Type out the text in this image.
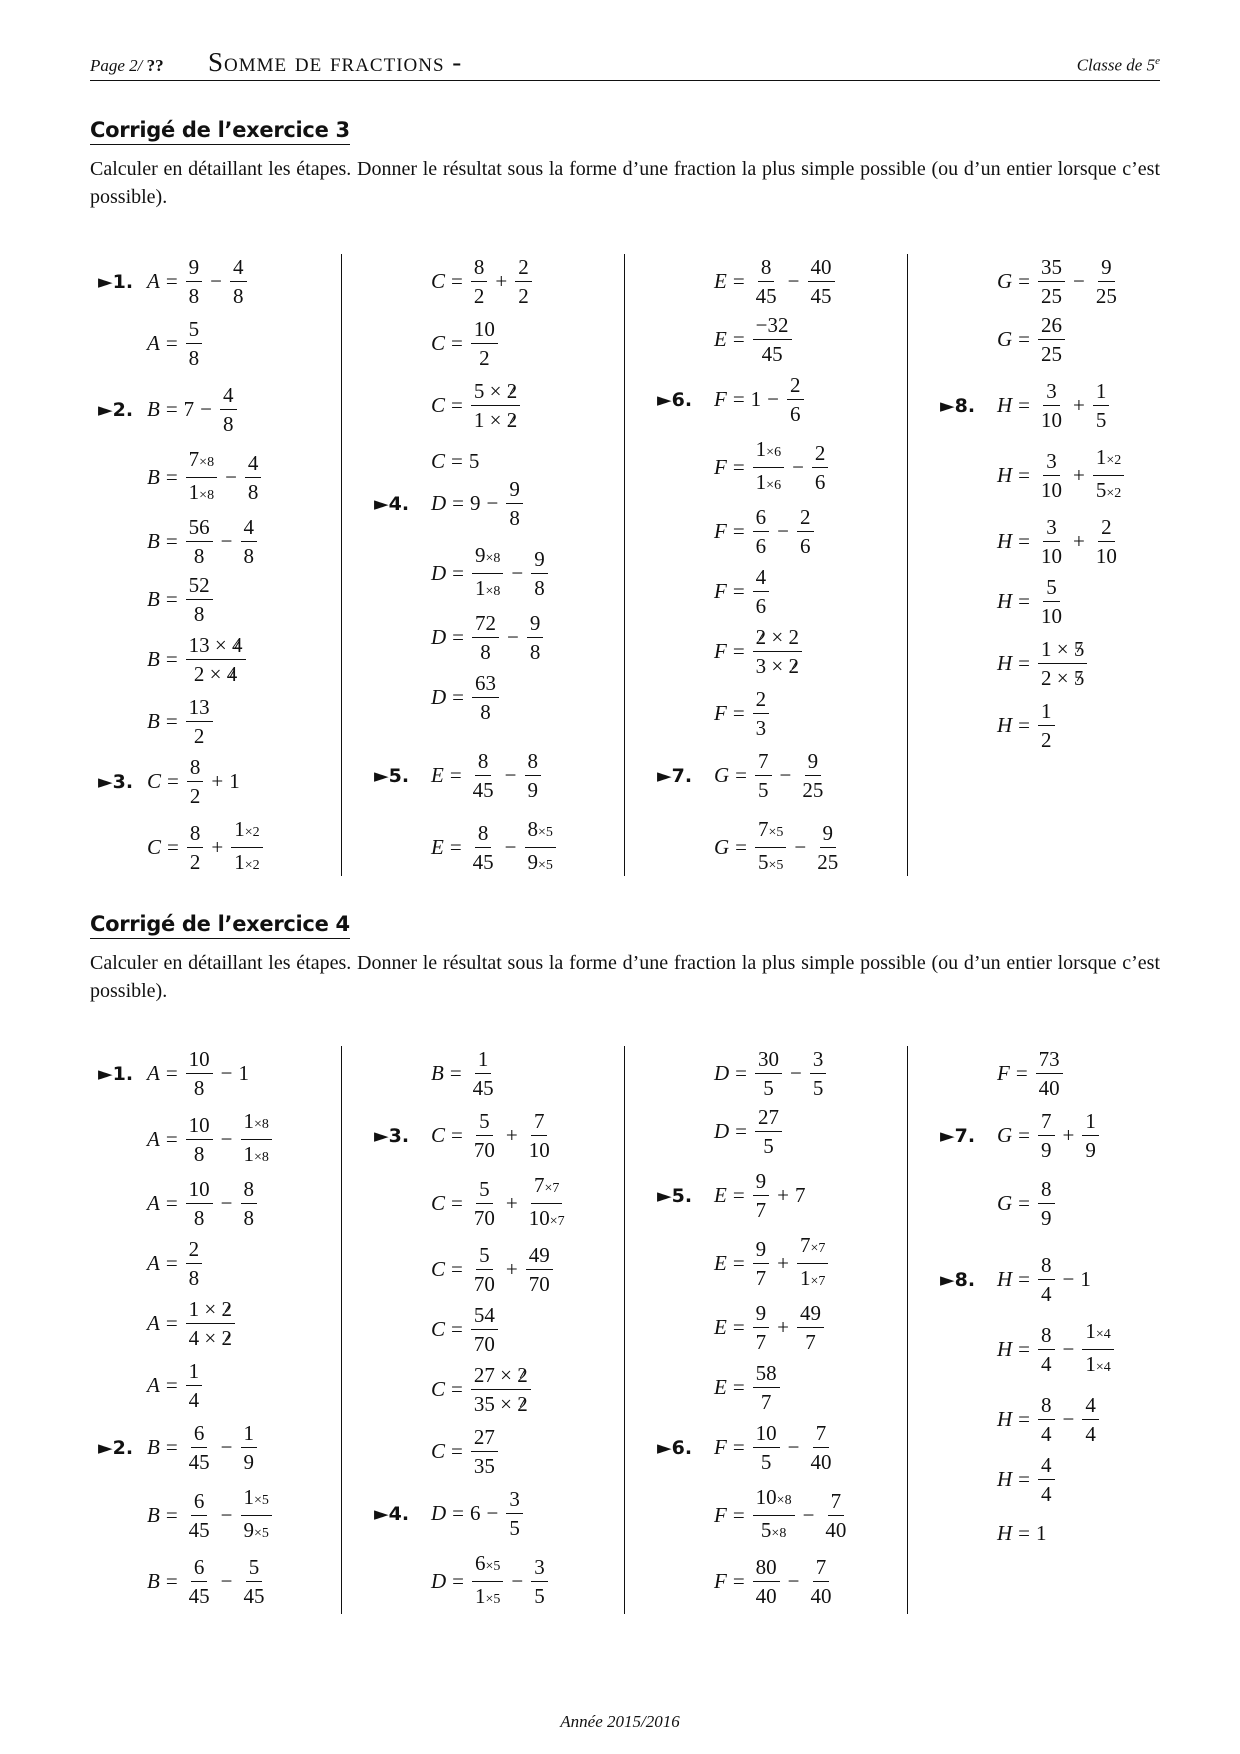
Page 2/ ?? Somme de fractions -	Classe de 5e
Corrigé de l’exercice 3

Calculer en détaillant les étapes. Donner le résultat sous la forme d’une fraction la plus simple possible (ou d’un entier lorsque c’est possible).

►1. $A = \frac{9}{8} - \frac{4}{8}$
$A = \frac{5}{8}$
►2. $B = 7 - \frac{4}{8}$
$B = \frac{7\times 8}{1\times 8} - \frac{4}{8}$
$B = \frac{56}{8} - \frac{4}{8}$
$B = \frac{52}{8}$
$B = \frac{13 \times 4}{2 \times 4}$
$B = \frac{13}{2}$
►3. $C = \frac{8}{2} + 1$
$C = \frac{8}{2} + \frac{1\times 2}{1\times 2}$
$C = \frac{8}{2} + \frac{2}{2}$
$C = \frac{10}{2}$
$C = \frac{5 \times 2}{1 \times 2}$
C = 5
►4. $D = 9 - \frac{9}{8}$
$D = \frac{9\times 8}{1\times 8} - \frac{9}{8}$
$D = \frac{72}{8} - \frac{9}{8}$
$D = \frac{63}{8}$
►5. $E = \frac{8}{45} - \frac{8}{9}$
$E = \frac{8}{45} - \frac{8\times 5}{9\times 5}$
$E = \frac{8}{45} - \frac{40}{45}$
$E = \frac{-32}{45}$
►6. $F = 1 - \frac{2}{6}$
$F = \frac{1\times 6}{1\times 6} - \frac{2}{6}$
$F = \frac{6}{6} - \frac{2}{6}$
$F = \frac{4}{6}$
$F = \frac{2 \times 2}{3 \times 2}$
$F = \frac{2}{3}$
►7. $G = \frac{7}{5} - \frac{9}{25}$
$G = \frac{7\times 5}{5\times 5} - \frac{9}{25}$
$G = \frac{35}{25} - \frac{9}{25}$
$G = \frac{26}{25}$
►8. $H = \frac{3}{10} + \frac{1}{5}$
$H = \frac{3}{10} + \frac{1\times 2}{5\times 2}$
$H = \frac{3}{10} + \frac{2}{10}$
$H = \frac{5}{10}$
$H = \frac{1 \times 5}{2 \times 5}$
$H = \frac{1}{2}$
Corrigé de l’exercice 4

Calculer en détaillant les étapes. Donner le résultat sous la forme d’une fraction la plus simple possible (ou d’un entier lorsque c’est possible).

►1. $A = \frac{10}{8} - 1$
$A = \frac{10}{8} - \frac{1\times 8}{1\times 8}$
$A = \frac{10}{8} - \frac{8}{8}$
$A = \frac{2}{8}$
$A = \frac{1 \times 2}{4 \times 2}$
$A = \frac{1}{4}$
►2. $B = \frac{6}{45} - \frac{1}{9}$
$B = \frac{6}{45} - \frac{1\times 5}{9\times 5}$
$B = \frac{6}{45} - \frac{5}{45}$
$B = \frac{1}{45}$
►3. $C = \frac{5}{70} + \frac{7}{10}$
$C = \frac{5}{70} + \frac{7\times 7}{10\times 7}$
$C = \frac{5}{70} + \frac{49}{70}$
$C = \frac{54}{70}$
$C = \frac{27 \times 2}{35 \times 2}$
$C = \frac{27}{35}$
►4. $D = 6 - \frac{3}{5}$
$D = \frac{6\times 5}{1\times 5} - \frac{3}{5}$
$D = \frac{30}{5} - \frac{3}{5}$
$D = \frac{27}{5}$
►5. $E = \frac{9}{7} + 7$
$E = \frac{9}{7} + \frac{7\times 7}{1\times 7}$
$E = \frac{9}{7} + \frac{49}{7}$
$E = \frac{58}{7}$
►6. $F = \frac{10}{5} - \frac{7}{40}$
$F = \frac{10\times 8}{5\times 8} - \frac{7}{40}$
$F = \frac{80}{40} - \frac{7}{40}$
$F = \frac{73}{40}$
►7. $G = \frac{7}{9} + \frac{1}{9}$
$G = \frac{8}{9}$
►8. $H = \frac{8}{4} - 1$
$H = \frac{8}{4} - \frac{1\times 4}{1\times 4}$
$H = \frac{8}{4} - \frac{4}{4}$
$H = \frac{4}{4}$
H = 1
Année 2015/2016
